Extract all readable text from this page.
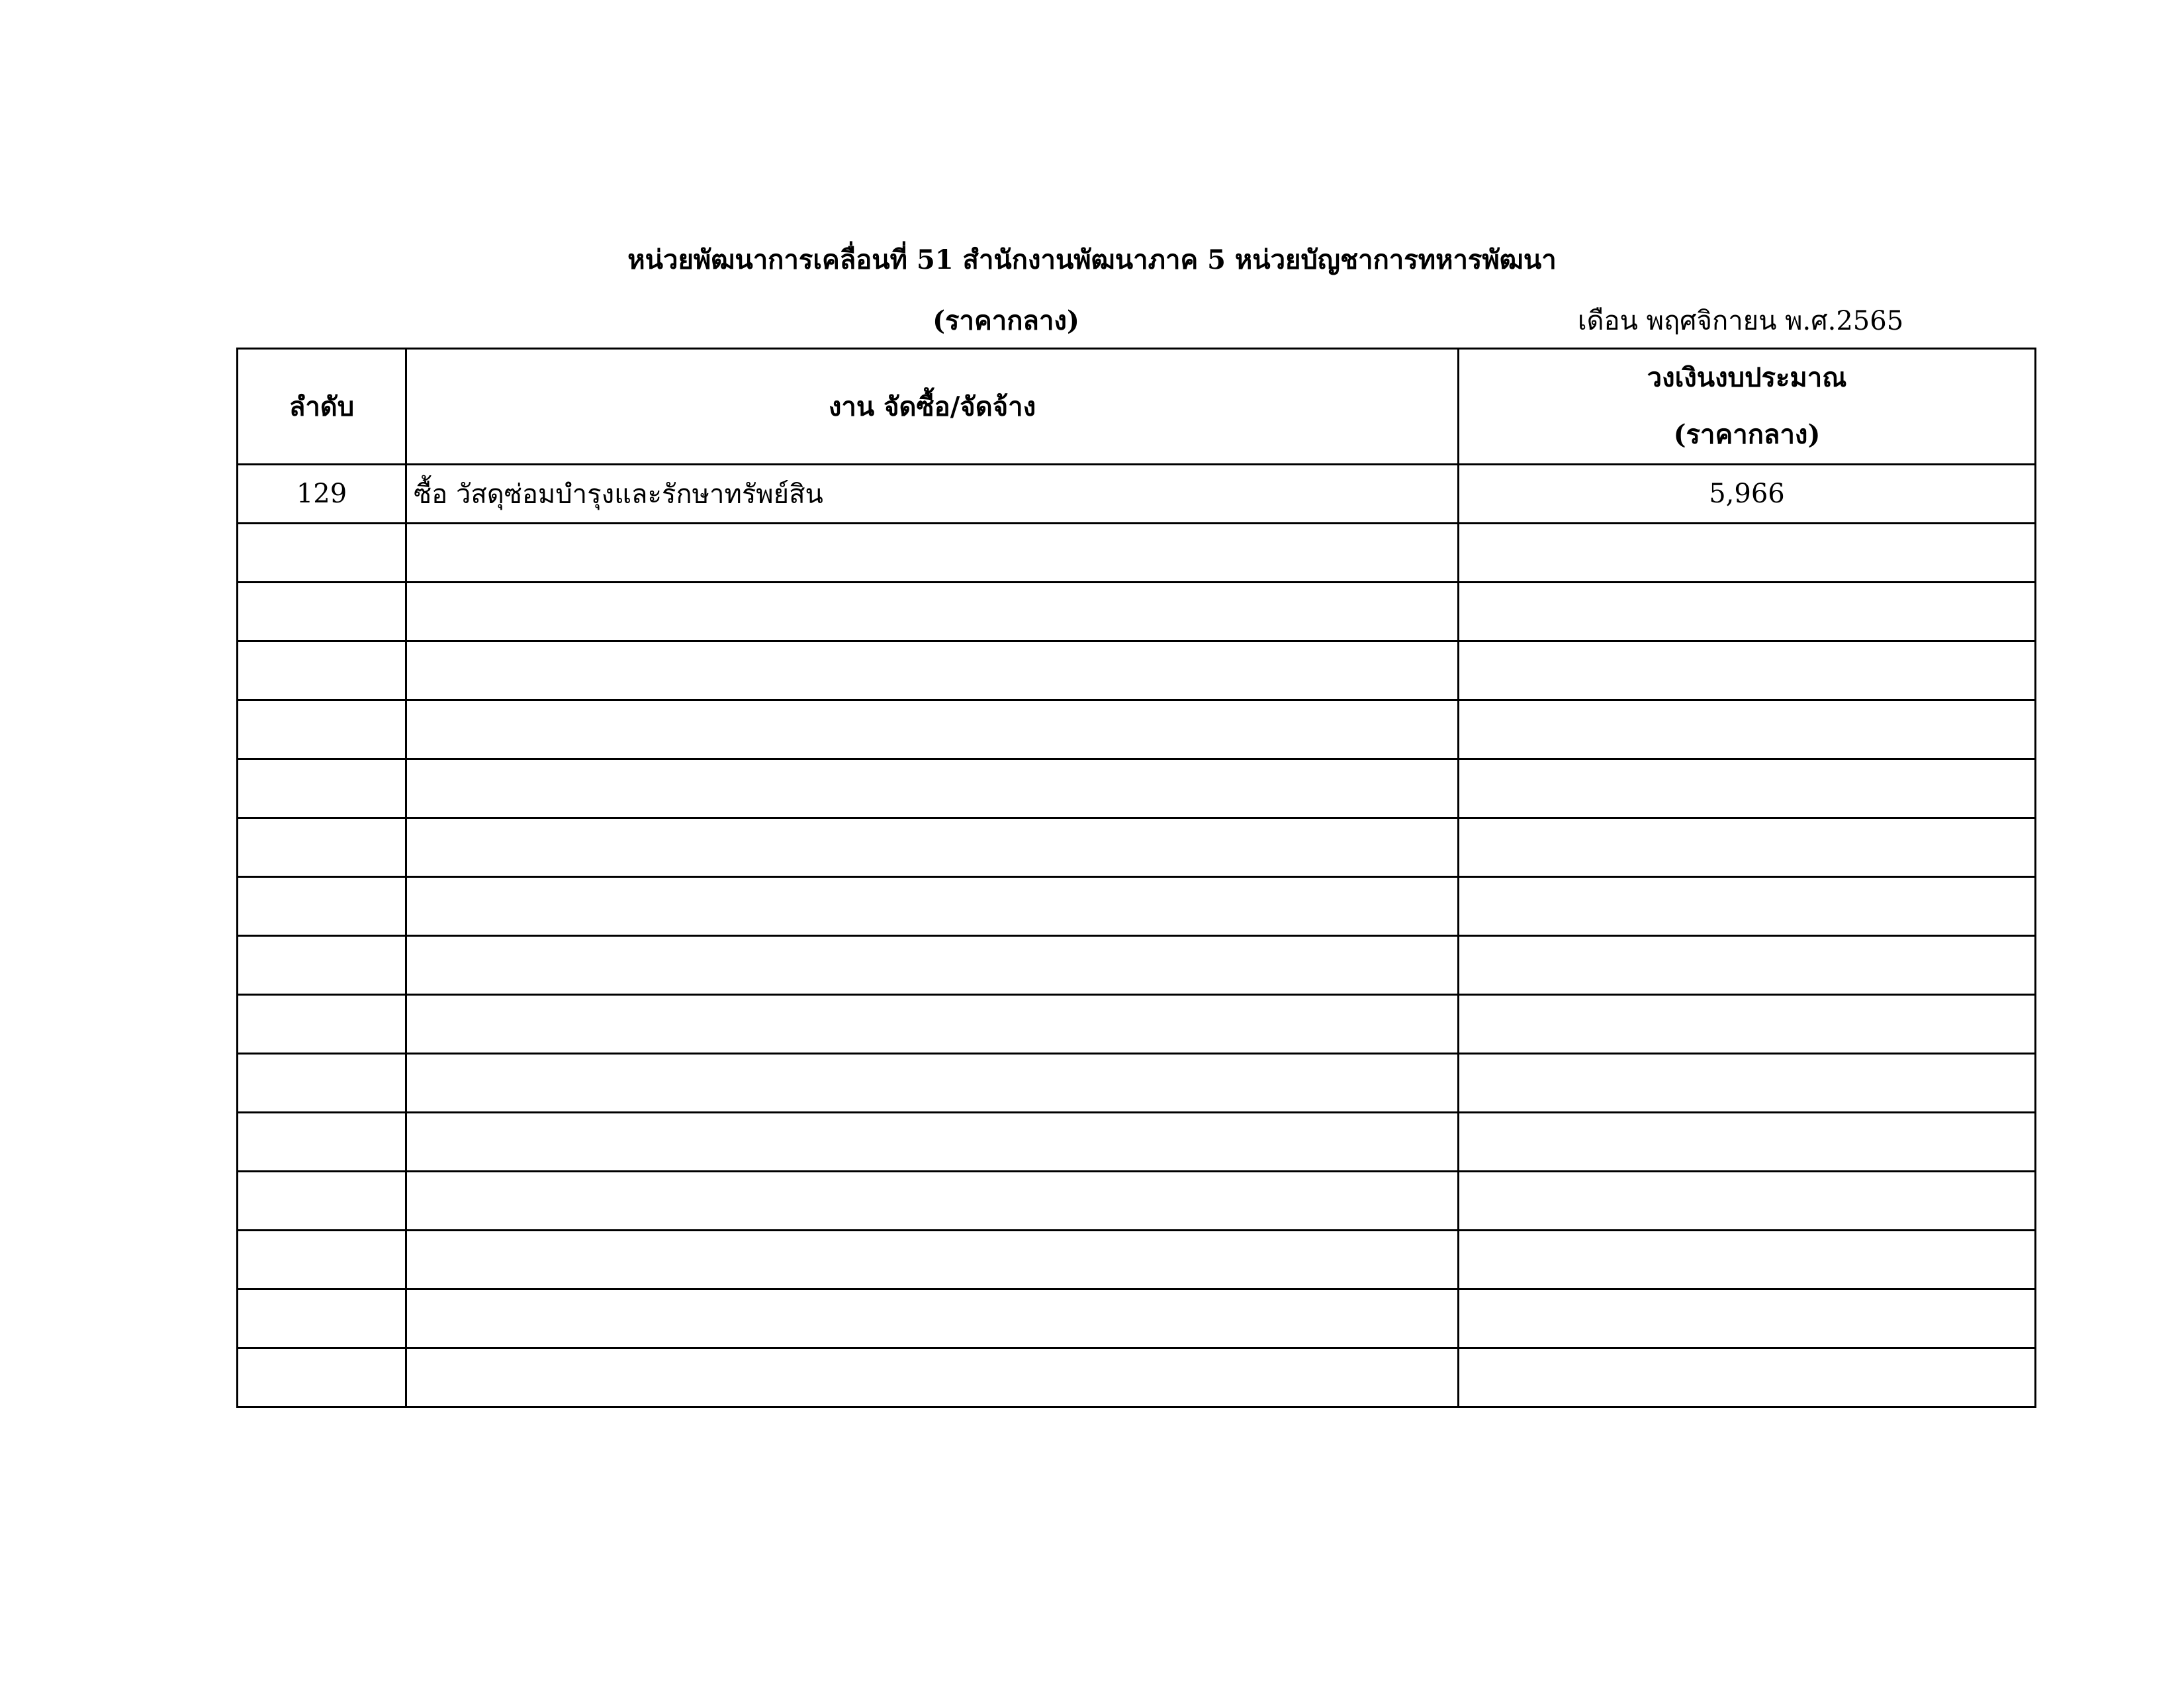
หน่วยพัฒนาการเคลื่อนที่ 51 สำนักงานพัฒนาภาค 5 หน่วยบัญชาการทหารพัฒนา
(ราคากลาง)	เดือน พฤศจิกายน พ.ศ.2565
ลำดับ	งาน จัดซื้อ/จัดจ้าง	วงเงินงบประมาณ
(ราคากลาง)

129	ซื้อ วัสดุซ่อมบำรุงและรักษาทรัพย์สิน	5,966
